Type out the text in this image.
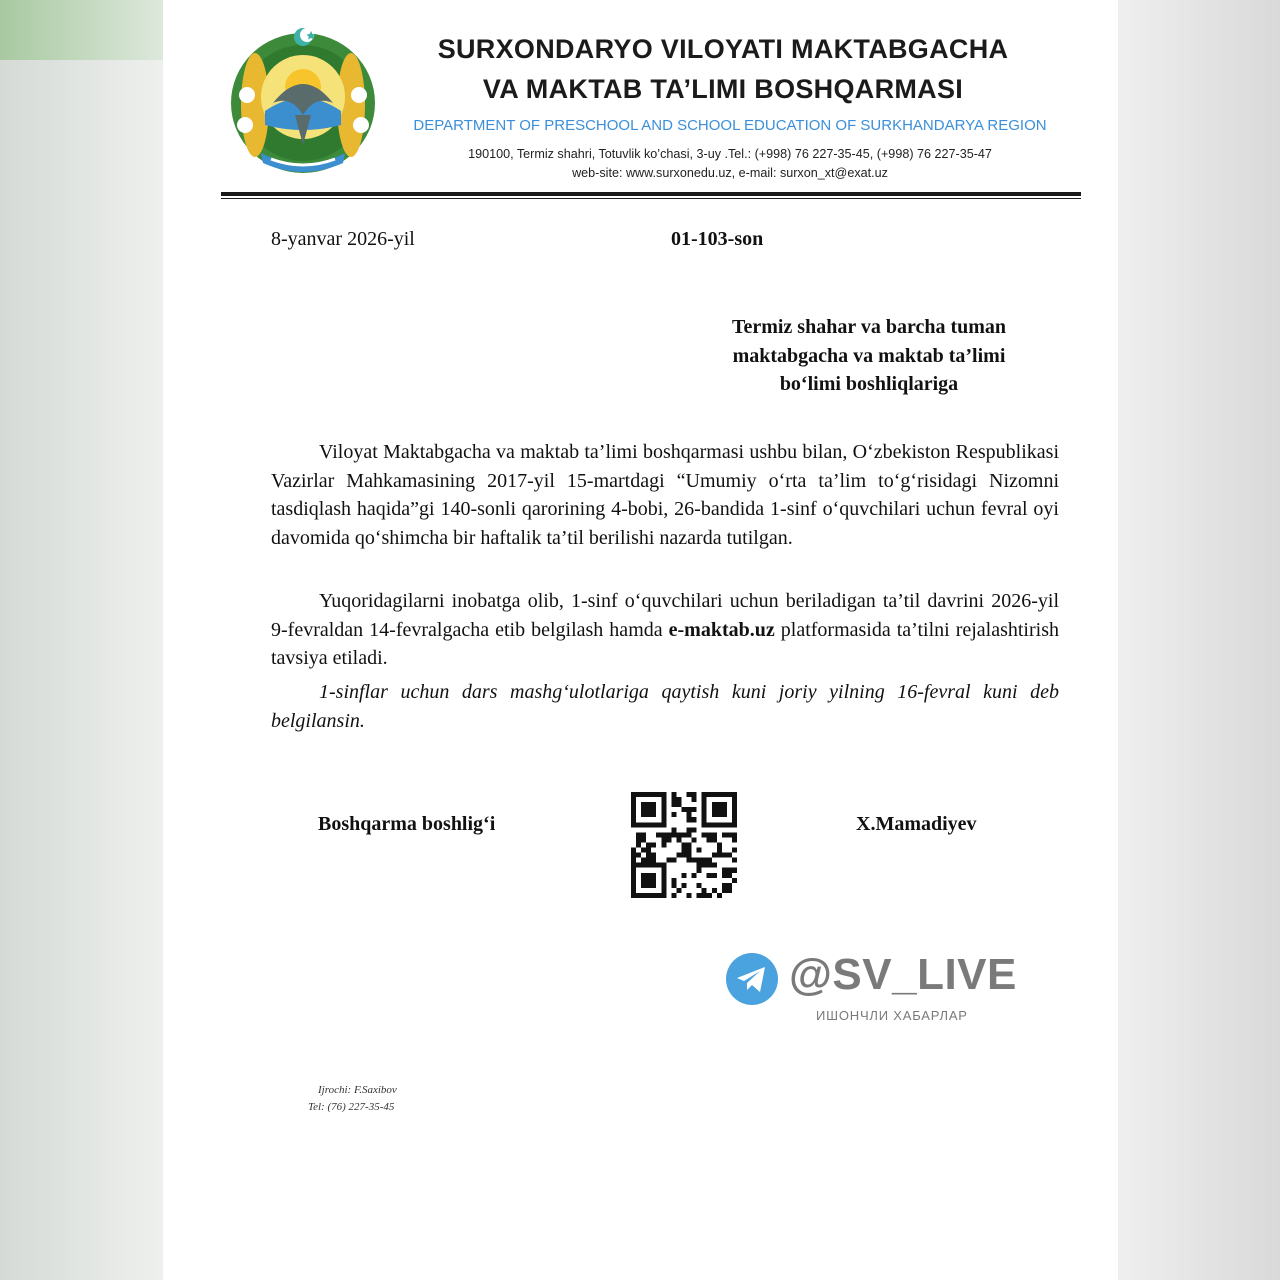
SURXONDARYO VILOYATI MAKTABGACHA
VA MAKTAB TA’LIMI BOSHQARMASI
DEPARTMENT OF PRESCHOOL AND SCHOOL EDUCATION OF SURKHANDARYA REGION
190100, Termiz shahri, Totuvlik ko’chasi, 3-uy .Tel.: (+998) 76 227-35-45, (+998) 76 227-35-47
web-site: www.surxonedu.uz, e-mail: surxon_xt@exat.uz
8-yanvar 2026-yil	01-103-son
Termiz shahar va barcha tuman
maktabgacha va maktab ta’limi
bo‘limi boshliqlariga

Viloyat Maktabgacha va maktab ta’limi boshqarmasi ushbu bilan, O‘zbekiston Respublikasi Vazirlar Mahkamasining 2017-yil 15-martdagi “Umumiy o‘rta ta’lim to‘g‘risidagi Nizomni tasdiqlash haqida”gi 140-sonli qarorining 4-bobi, 26-bandida 1-sinf o‘quvchilari uchun fevral oyi davomida qo‘shimcha bir haftalik ta’til berilishi nazarda tutilgan.

Yuqoridagilarni inobatga olib, 1-sinf o‘quvchilari uchun beriladigan ta’til davrini 2026-yil 9-fevraldan 14-fevralgacha etib belgilash hamda e-maktab.uz platformasida ta’tilni rejalashtirish tavsiya etiladi.

1-sinflar uchun dars mashg‘ulotlariga qaytish kuni joriy yilning 16-fevral kuni deb belgilansin.

Boshqarma boshlig‘i	X.Mamadiyev
@SV_LIVE
ИШОНЧЛИ ХАБАРЛАР
Ijrochi: F.Saxibov
Tel: (76) 227-35-45
